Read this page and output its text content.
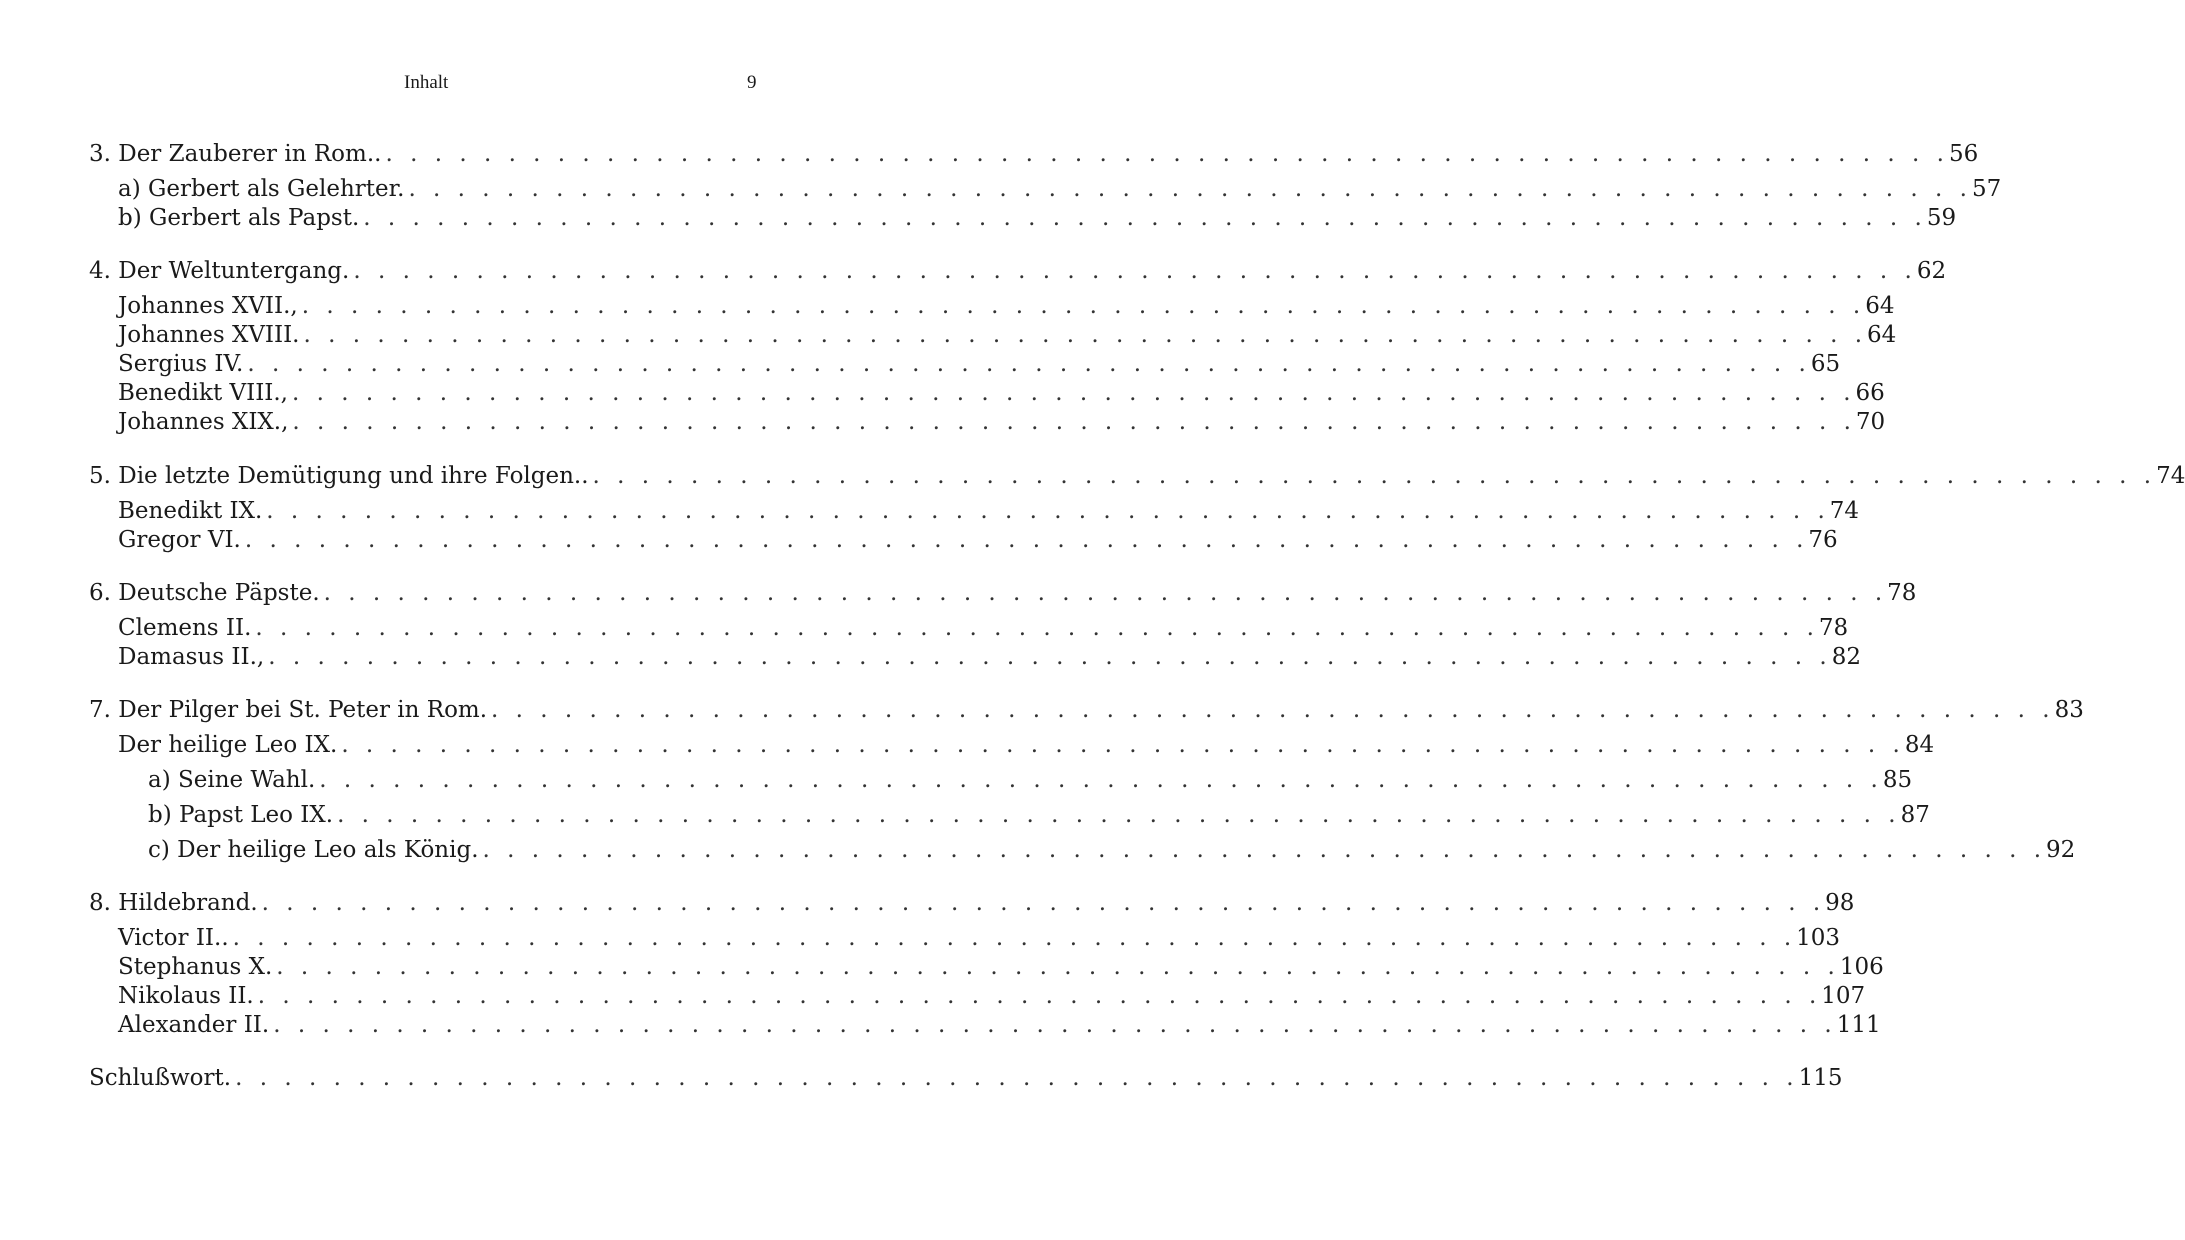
Inhalt	9
3. Der Zauberer in Rom.. . . . . . . . . . . . . . . . . . . . . . . . . . . . . . . . . . . . . . . . . . . . . . . . . . . . . . . . . . . . . . . . . 56
a) Gerbert als Gelehrter. . . . . . . . . . . . . . . . . . . . . . . . . . . . . . . . . . . . . . . . . . . . . . . . . . . . . . . . . . . . . . . . . 57
b) Gerbert als Papst. . . . . . . . . . . . . . . . . . . . . . . . . . . . . . . . . . . . . . . . . . . . . . . . . . . . . . . . . . . . . . . . . 59
4. Der Weltuntergang. . . . . . . . . . . . . . . . . . . . . . . . . . . . . . . . . . . . . . . . . . . . . . . . . . . . . . . . . . . . . . . . . 62
Johannes XVII., . . . . . . . . . . . . . . . . . . . . . . . . . . . . . . . . . . . . . . . . . . . . . . . . . . . . . . . . . . . . . . . . 64
Johannes XVIII. . . . . . . . . . . . . . . . . . . . . . . . . . . . . . . . . . . . . . . . . . . . . . . . . . . . . . . . . . . . . . . . . 64
Sergius IV. . . . . . . . . . . . . . . . . . . . . . . . . . . . . . . . . . . . . . . . . . . . . . . . . . . . . . . . . . . . . . . . . 65
Benedikt VIII., . . . . . . . . . . . . . . . . . . . . . . . . . . . . . . . . . . . . . . . . . . . . . . . . . . . . . . . . . . . . . . . . 66
Johannes XIX., . . . . . . . . . . . . . . . . . . . . . . . . . . . . . . . . . . . . . . . . . . . . . . . . . . . . . . . . . . . . . . . . 70
5. Die letzte Demütigung und ihre Folgen.. . . . . . . . . . . . . . . . . . . . . . . . . . . . . . . . . . . . . . . . . . . . . . . . . . . . . . . . . . . . . . . . . 74
Benedikt IX. . . . . . . . . . . . . . . . . . . . . . . . . . . . . . . . . . . . . . . . . . . . . . . . . . . . . . . . . . . . . . . . . 74
Gregor VI. . . . . . . . . . . . . . . . . . . . . . . . . . . . . . . . . . . . . . . . . . . . . . . . . . . . . . . . . . . . . . . . . 76
6. Deutsche Päpste. . . . . . . . . . . . . . . . . . . . . . . . . . . . . . . . . . . . . . . . . . . . . . . . . . . . . . . . . . . . . . . . . 78
Clemens II. . . . . . . . . . . . . . . . . . . . . . . . . . . . . . . . . . . . . . . . . . . . . . . . . . . . . . . . . . . . . . . . . 78
Damasus II., . . . . . . . . . . . . . . . . . . . . . . . . . . . . . . . . . . . . . . . . . . . . . . . . . . . . . . . . . . . . . . . . 82
7. Der Pilger bei St. Peter in Rom. . . . . . . . . . . . . . . . . . . . . . . . . . . . . . . . . . . . . . . . . . . . . . . . . . . . . . . . . . . . . . . . . 83
Der heilige Leo IX. . . . . . . . . . . . . . . . . . . . . . . . . . . . . . . . . . . . . . . . . . . . . . . . . . . . . . . . . . . . . . . . . 84
a) Seine Wahl. . . . . . . . . . . . . . . . . . . . . . . . . . . . . . . . . . . . . . . . . . . . . . . . . . . . . . . . . . . . . . . . . 85
b) Papst Leo IX. . . . . . . . . . . . . . . . . . . . . . . . . . . . . . . . . . . . . . . . . . . . . . . . . . . . . . . . . . . . . . . . . 87
c) Der heilige Leo als König. . . . . . . . . . . . . . . . . . . . . . . . . . . . . . . . . . . . . . . . . . . . . . . . . . . . . . . . . . . . . . . . . 92
8. Hildebrand. . . . . . . . . . . . . . . . . . . . . . . . . . . . . . . . . . . . . . . . . . . . . . . . . . . . . . . . . . . . . . . . . 98
Victor II.. . . . . . . . . . . . . . . . . . . . . . . . . . . . . . . . . . . . . . . . . . . . . . . . . . . . . . . . . . . . . . . . . 103
Stephanus X. . . . . . . . . . . . . . . . . . . . . . . . . . . . . . . . . . . . . . . . . . . . . . . . . . . . . . . . . . . . . . . . . 106
Nikolaus II. . . . . . . . . . . . . . . . . . . . . . . . . . . . . . . . . . . . . . . . . . . . . . . . . . . . . . . . . . . . . . . . . 107
Alexander II. . . . . . . . . . . . . . . . . . . . . . . . . . . . . . . . . . . . . . . . . . . . . . . . . . . . . . . . . . . . . . . . . 111
Schlußwort. . . . . . . . . . . . . . . . . . . . . . . . . . . . . . . . . . . . . . . . . . . . . . . . . . . . . . . . . . . . . . . . . 115
